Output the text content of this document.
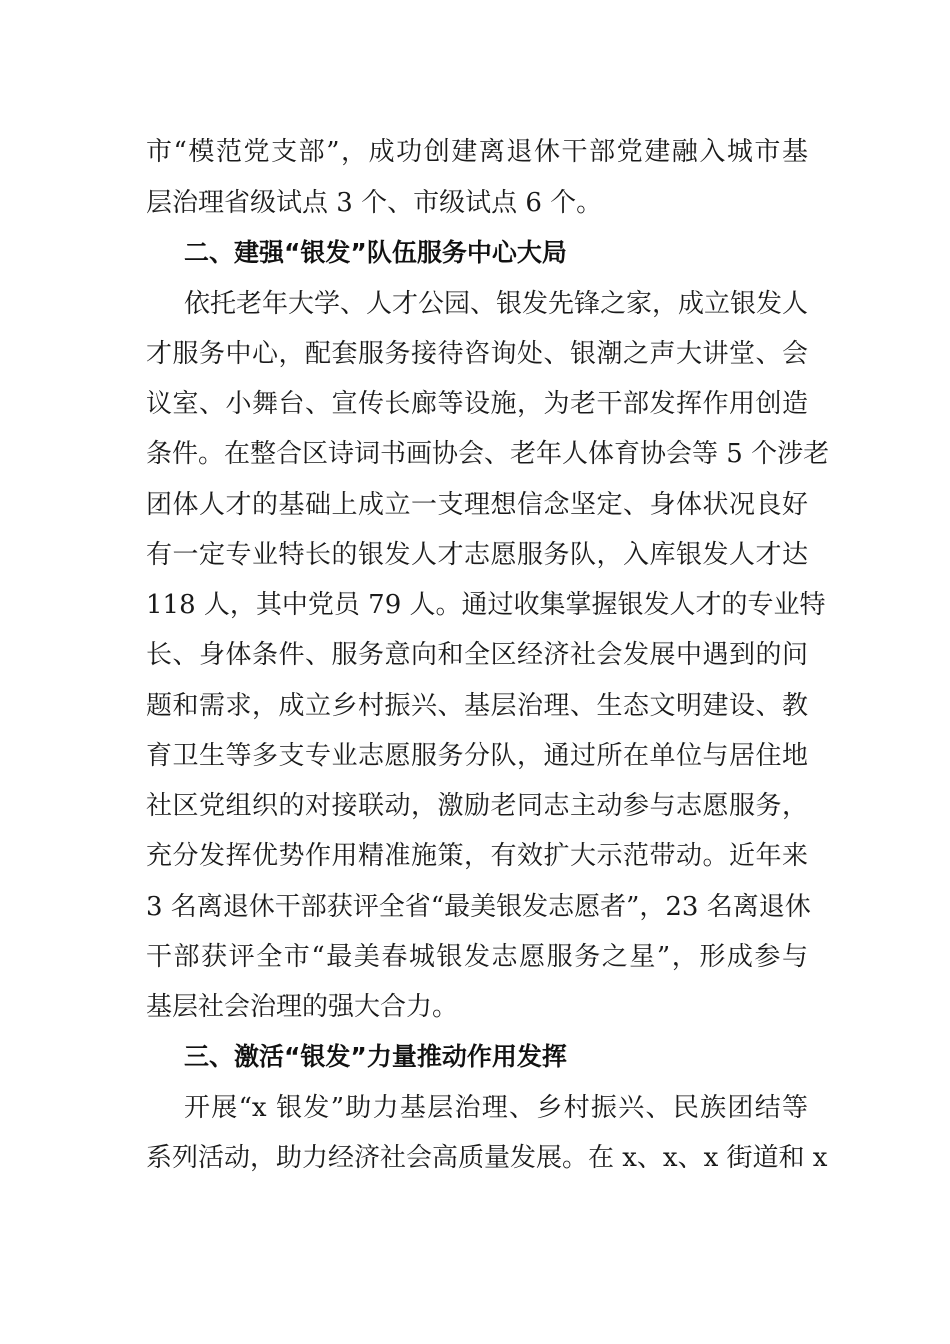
市“模范党支部”，成功创建离退休干部党建融入城市基
层治理省级试点 3 个、市级试点 6 个。
二、建强“银发”队伍服务中心大局
依托老年大学、人才公园、银发先锋之家，成立银发人
才服务中心，配套服务接待咨询处、银潮之声大讲堂、会
议室、小舞台、宣传长廊等设施，为老干部发挥作用创造
条件。在整合区诗词书画协会、老年人体育协会等 5 个涉老
团体人才的基础上成立一支理想信念坚定、身体状况良好
有一定专业特长的银发人才志愿服务队，入库银发人才达
118 人，其中党员 79 人。通过收集掌握银发人才的专业特
长、身体条件、服务意向和全区经济社会发展中遇到的问
题和需求，成立乡村振兴、基层治理、生态文明建设、教
育卫生等多支专业志愿服务分队，通过所在单位与居住地
社区党组织的对接联动，激励老同志主动参与志愿服务，
充分发挥优势作用精准施策，有效扩大示范带动。近年来
3 名离退休干部获评全省“最美银发志愿者”，23 名离退休
干部获评全市“最美春城银发志愿服务之星”，形成参与
基层社会治理的强大合力。
三、激活“银发”力量推动作用发挥
开展“x 银发”助力基层治理、乡村振兴、民族团结等
系列活动，助力经济社会高质量发展。在 x、x、x 街道和 x
